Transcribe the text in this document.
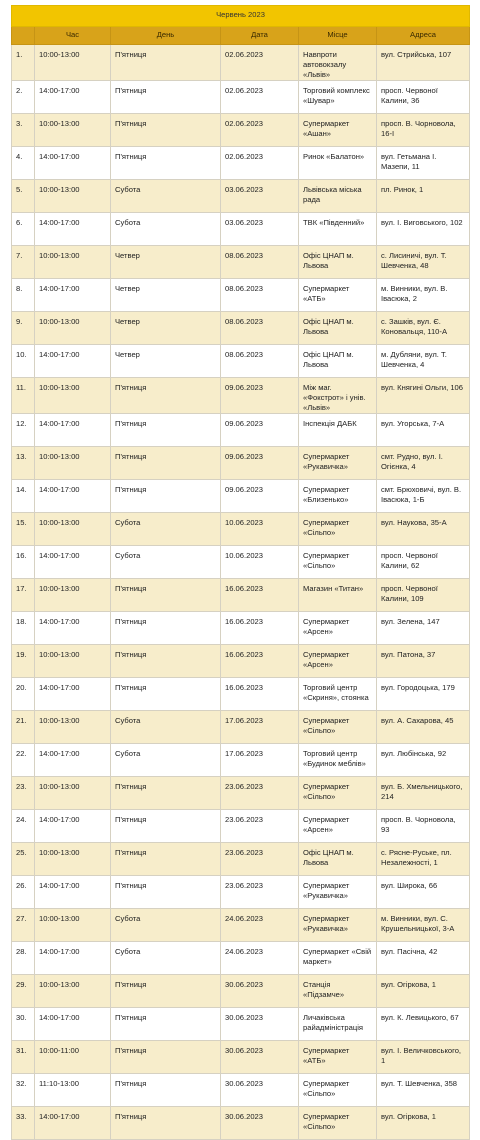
Червень 2023					
	Час	День	Дата	Місце	Адреса
1.	10:00-13:00	П'ятниця	02.06.2023	Навпроти автовокзалу «Львів»	вул. Стрийська, 107
2.	14:00-17:00	П'ятниця	02.06.2023	Торговий комплекс «Шувар»	просп. Червоної Калини, 36
3.	10:00-13:00	П'ятниця	02.06.2023	Супермаркет «Ашан»	просп. В. Чорновола, 16-І
4.	14:00-17:00	П'ятниця	02.06.2023	Ринок «Балатон»	вул. Гетьмана І. Мазепи, 11
5.	10:00-13:00	Субота	03.06.2023	Львівська міська рада	пл. Ринок, 1
6.	14:00-17:00	Субота	03.06.2023	ТВК «Південний»	вул. І. Виговського, 102
7.	10:00-13:00	Четвер	08.06.2023	Офіс ЦНАП м. Львова	с. Лисиничі, вул. Т. Шевченка, 48
8.	14:00-17:00	Четвер	08.06.2023	Супермаркет «АТБ»	м. Винники, вул. В. Івасюка, 2
9.	10:00-13:00	Четвер	08.06.2023	Офіс ЦНАП м. Львова	с. Зашків, вул. Є. Коновальця, 110-А
10.	14:00-17:00	Четвер	08.06.2023	Офіс ЦНАП м. Львова	м. Дубляни, вул. Т. Шевченка, 4
11.	10:00-13:00	П'ятниця	09.06.2023	Між маг. «Фокстрот» і унів. «Львів»	вул. Княгині Ольги, 106
12.	14:00-17:00	П'ятниця	09.06.2023	Інспекція ДАБК	вул. Угорська, 7-А
13.	10:00-13:00	П'ятниця	09.06.2023	Супермаркет «Рукавичка»	смт. Рудно, вул. І. Огієнка, 4
14.	14:00-17:00	П'ятниця	09.06.2023	Супермаркет «Близенько»	смт. Брюховичі, вул. В. Івасюка, 1-Б
15.	10:00-13:00	Субота	10.06.2023	Супермаркет «Сільпо»	вул. Наукова, 35-А
16.	14:00-17:00	Субота	10.06.2023	Супермаркет «Сільпо»	просп. Червоної Калини, 62
17.	10:00-13:00	П'ятниця	16.06.2023	Магазин «Титан»	просп. Червоної Калини, 109
18.	14:00-17:00	П'ятниця	16.06.2023	Супермаркет «Арсен»	вул. Зелена, 147
19.	10:00-13:00	П'ятниця	16.06.2023	Супермаркет «Арсен»	вул. Патона, 37
20.	14:00-17:00	П'ятниця	16.06.2023	Торговий центр «Скриня», стоянка	вул. Городоцька, 179
21.	10:00-13:00	Субота	17.06.2023	Супермаркет «Сільпо»	вул. А. Сахарова, 45
22.	14:00-17:00	Субота	17.06.2023	Торговий центр «Будинок меблів»	вул. Любінська, 92
23.	10:00-13:00	П'ятниця	23.06.2023	Супермаркет «Сільпо»	вул. Б. Хмельницького, 214
24.	14:00-17:00	П'ятниця	23.06.2023	Супермаркет «Арсен»	просп. В. Чорновола, 93
25.	10:00-13:00	П'ятниця	23.06.2023	Офіс ЦНАП м. Львова	с. Рясне-Руське, пл. Незалежності, 1
26.	14:00-17:00	П'ятниця	23.06.2023	Супермаркет «Рукавичка»	вул. Широка, 66
27.	10:00-13:00	Субота	24.06.2023	Супермаркет «Рукавичка»	м. Винники, вул. С. Крушельницької, 3-А
28.	14:00-17:00	Субота	24.06.2023	Супермаркет «Свій маркет»	вул. Пасічна, 42
29.	10:00-13:00	П'ятниця	30.06.2023	Станція «Підзамче»	вул. Огіркова, 1
30.	14:00-17:00	П'ятниця	30.06.2023	Личаківська райадміністрація	вул. К. Левицького, 67
31.	10:00-11:00	П'ятниця	30.06.2023	Супермаркет «АТБ»	вул. І. Величковського, 1
32.	11:10-13:00	П'ятниця	30.06.2023	Супермаркет «Сільпо»	вул. Т. Шевченка, 358
33.	14:00-17:00	П'ятниця	30.06.2023	Супермаркет «Сільпо»	вул. Огіркова, 1
